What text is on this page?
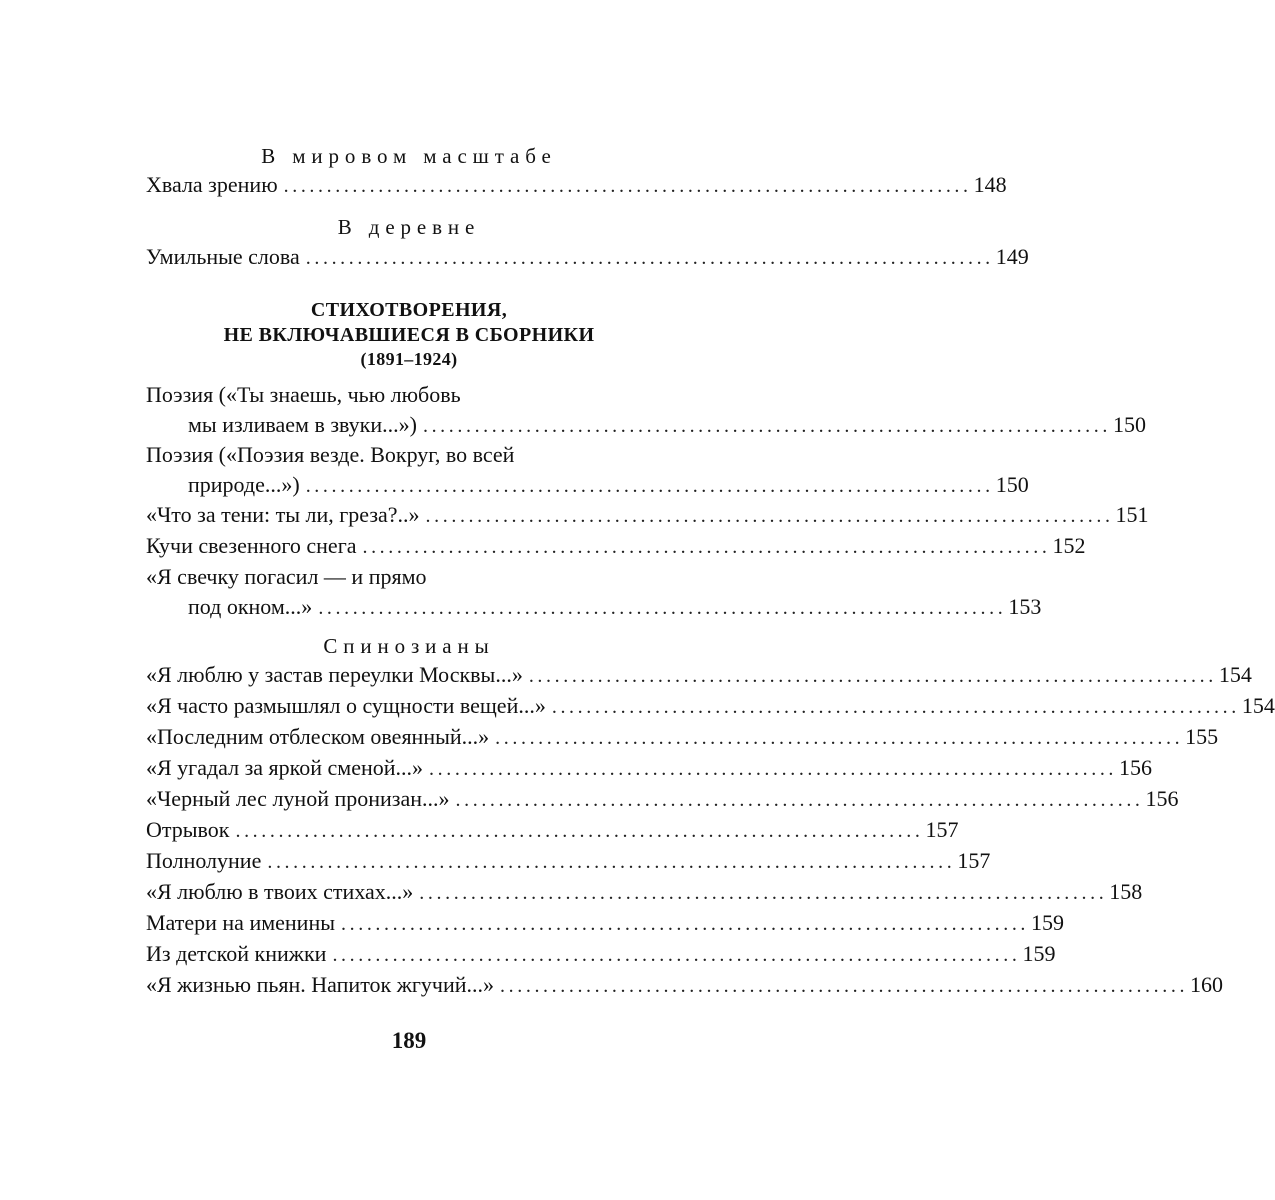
В мировом масштабе
Хвала зрению ................................................................................ 148
В деревне
Умильные слова ................................................................................ 149
СТИХОТВОРЕНИЯ,
НЕ ВКЛЮЧАВШИЕСЯ В СБОРНИКИ
(1891–1924)
Поэзия («Ты знаешь, чью любовь
мы изливаем в звуки...») ................................................................................ 150
Поэзия («Поэзия везде. Вокруг, во всей
природе...») ................................................................................ 150
«Что за тени: ты ли, греза?..» ................................................................................ 151
Кучи свезенного снега ................................................................................ 152
«Я свечку погасил — и прямо
под окном...» ................................................................................ 153
Спинозианы
«Я люблю у застав переулки Москвы...» ................................................................................ 154
«Я часто размышлял о сущности вещей...» ................................................................................ 154
«Последним отблеском овеянный...» ................................................................................ 155
«Я угадал за яркой сменой...» ................................................................................ 156
«Черный лес луной пронизан...» ................................................................................ 156
Отрывок ................................................................................ 157
Полнолуние ................................................................................ 157
«Я люблю в твоих стихах...» ................................................................................ 158
Матери на именины ................................................................................ 159
Из детской книжки ................................................................................ 159
«Я жизнью пьян. Напиток жгучий...» ................................................................................ 160
189
